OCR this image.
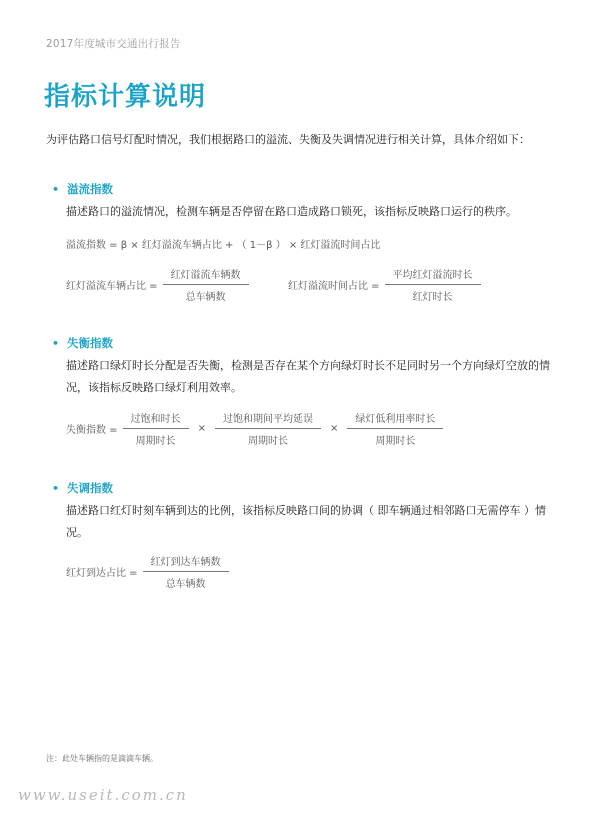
2017年度城市交通出行报告
指标计算说明
为评估路口信号灯配时情况，我们根据路口的溢流、失衡及失调情况进行相关计算，具体介绍如下：
• 溢流指数
描述路口的溢流情况，检测车辆是否停留在路口造成路口锁死，该指标反映路口运行的秩序。
溢流指数 = β × 红灯溢流车辆占比 + （ 1－β ） × 红灯溢流时间占比
红灯溢流车辆占比 = $\frac{\text{红灯溢流车辆数}}{\text{总车辆数}}$	红灯溢流时间占比 = $\frac{\text{平均红灯溢流时长}}{\text{红灯时长}}$
• 失衡指数
描述路口绿灯时长分配是否失衡，检测是否存在某个方向绿灯时长不足同时另一个方向绿灯空放的情况，该指标反映路口绿灯利用效率。
失衡指数 = $\frac{\text{过饱和时长}}{\text{周期时长}} \times \frac{\text{过饱和期间平均延误}}{\text{周期时长}} \times \frac{\text{绿灯低利用率时长}}{\text{周期时长}}$
• 失调指数
描述路口红灯时刻车辆到达的比例，该指标反映路口间的协调（ 即车辆通过相邻路口无需停车 ）情况。
红灯到达占比 = $\frac{\text{红灯到达车辆数}}{\text{总车辆数}}$
注：此处车辆指的是滴滴车辆。
www.useit.com.cn
